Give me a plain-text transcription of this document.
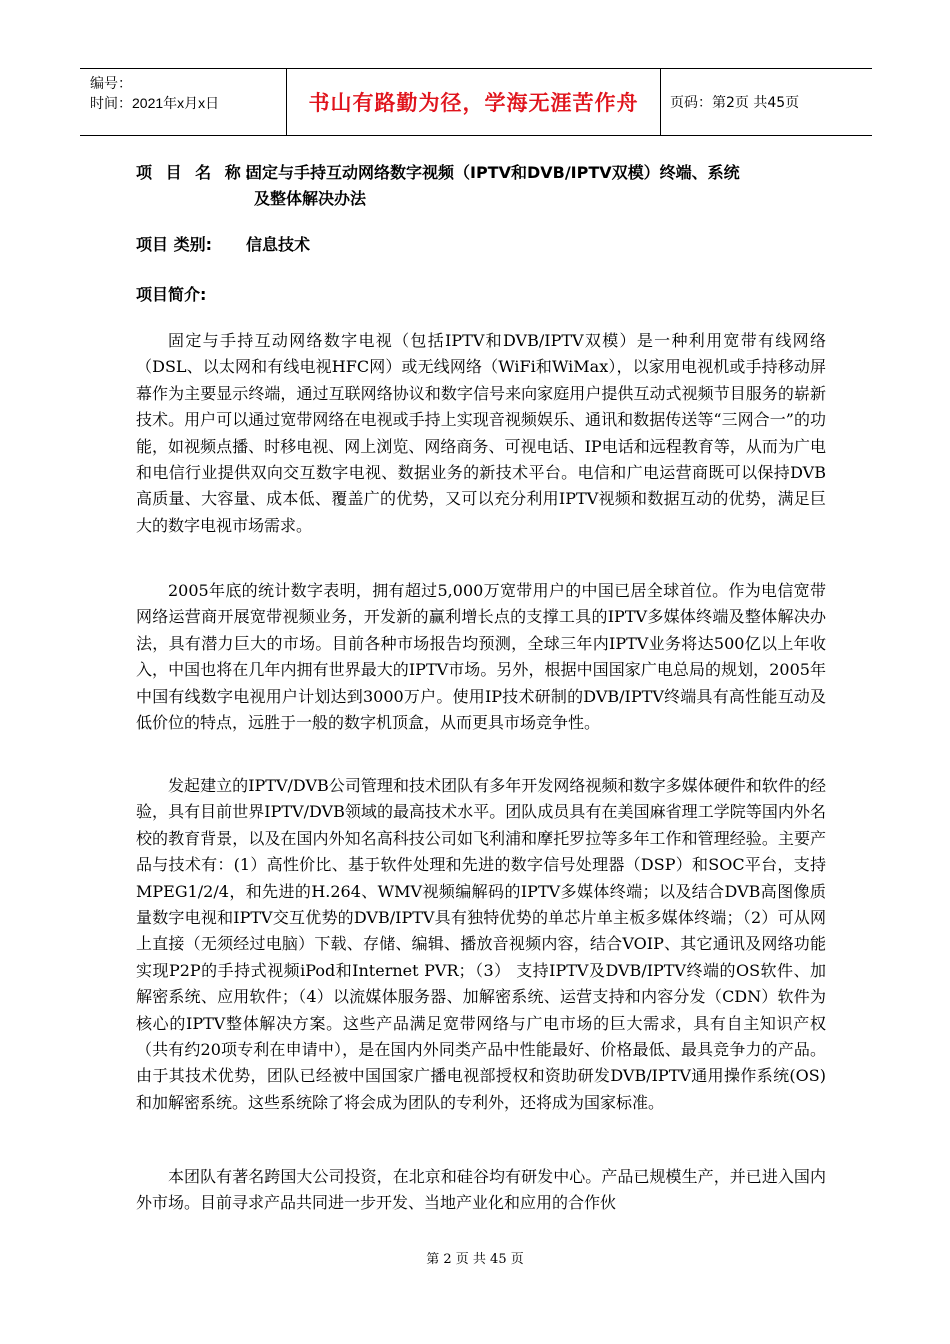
编号：
时间：2021年x月x日	书山有路勤为径，学海无涯苦作舟	页码：第2页 共45页
项 目 名 称:
固定与手持互动网络数字视频（IPTV和DVB/IPTV双模）终端、系统
及整体解决办法
项目 类别:	信息技术
项目简介:

固定与手持互动网络数字电视（包括IPTV和DVB/IPTV双模）是一种利用宽带有线网络（DSL、以太网和有线电视HFC网）或无线网络（WiFi和WiMax），以家用电视机或手持移动屏幕作为主要显示终端，通过互联网络协议和数字信号来向家庭用户提供互动式视频节目服务的崭新技术。用户可以通过宽带网络在电视或手持上实现音视频娱乐、通讯和数据传送等“三网合一”的功能，如视频点播、时移电视、网上浏览、网络商务、可视电话、IP电话和远程教育等，从而为广电和电信行业提供双向交互数字电视、数据业务的新技术平台。电信和广电运营商既可以保持DVB高质量、大容量、成本低、覆盖广的优势，又可以充分利用IPTV视频和数据互动的优势，满足巨大的数字电视市场需求。

2005年底的统计数字表明，拥有超过5,000万宽带用户的中国已居全球首位。作为电信宽带网络运营商开展宽带视频业务，开发新的赢利增长点的支撑工具的IPTV多媒体终端及整体解决办法，具有潜力巨大的市场。目前各种市场报告均预测，全球三年内IPTV业务将达500亿以上年收入，中国也将在几年内拥有世界最大的IPTV市场。另外，根据中国国家广电总局的规划，2005年中国有线数字电视用户计划达到3000万户。使用IP技术研制的DVB/IPTV终端具有高性能互动及低价位的特点，远胜于一般的数字机顶盒，从而更具市场竞争性。

发起建立的IPTV/DVB公司管理和技术团队有多年开发网络视频和数字多媒体硬件和软件的经验，具有目前世界IPTV/DVB领域的最高技术水平。团队成员具有在美国麻省理工学院等国内外名校的教育背景，以及在国内外知名高科技公司如飞利浦和摩托罗拉等多年工作和管理经验。主要产品与技术有：(1）高性价比、基于软件处理和先进的数字信号处理器（DSP）和SOC平台，支持MPEG1/2/4，和先进的H.264、WMV视频编解码的IPTV多媒体终端；以及结合DVB高图像质量数字电视和IPTV交互优势的DVB/IPTV具有独特优势的单芯片单主板多媒体终端；（2）可从网上直接（无须经过电脑）下载、存储、编辑、播放音视频内容，结合VOIP、其它通讯及网络功能实现P2P的手持式视频iPod和Internet PVR；（3） 支持IPTV及DVB/IPTV终端的OS软件、加解密系统、应用软件；（4）以流媒体服务器、加解密系统、运营支持和内容分发（CDN）软件为核心的IPTV整体解决方案。这些产品满足宽带网络与广电市场的巨大需求，具有自主知识产权（共有约20项专利在申请中），是在国内外同类产品中性能最好、价格最低、最具竞争力的产品。由于其技术优势，团队已经被中国国家广播电视部授权和资助研发DVB/IPTV通用操作系统(OS)和加解密系统。这些系统除了将会成为团队的专利外，还将成为国家标准。

本团队有著名跨国大公司投资，在北京和硅谷均有研发中心。产品已规模生产，并已进入国内外市场。目前寻求产品共同进一步开发、当地产业化和应用的合作伙

第 2 页 共 45 页
